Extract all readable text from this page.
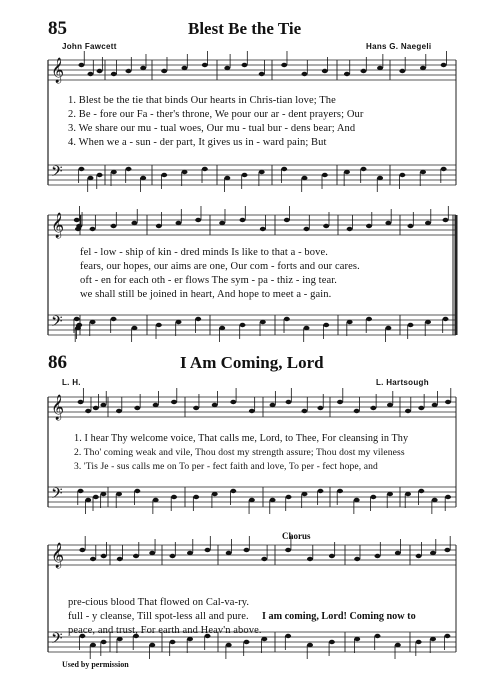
𝄞
𝄢
𝄞
𝄢
𝄞
𝄢
𝄞
𝄢
85	Blest Be the Tie
John Fawcett	Hans G. Naegeli
1. Blest be the tie that binds Our hearts in Chris-tian love; The
2. Be - fore our Fa - ther's throne, We pour our ar - dent prayers; Our
3. We share our mu - tual woes, Our mu - tual bur - dens bear; And
4. When we a - sun - der part, It gives us in - ward pain; But
fel - low - ship of kin - dred minds Is like to that a - bove.
fears, our hopes, our aims are one, Our com - forts and our cares.
oft - en for each oth - er flows The sym - pa - thiz - ing tear.
we shall still be joined in heart, And hope to meet a - gain.
86	I Am Coming, Lord
L. H.	L. Hartsough
1. I hear Thy welcome voice, That calls me, Lord, to Thee, For cleansing in Thy
2. Tho' coming weak and vile, Thou dost my strength assure; Thou dost my vileness
3. 'Tis Je - sus calls me on To per - fect faith and love, To per - fect hope, and
Chorus
pre-cious blood That flowed on Cal-va-ry.
full - y cleanse, Till spot-less all and pure.
peace, and trust, For earth and Heav'n above.
I am coming, Lord! Coming now to
Used by permission
